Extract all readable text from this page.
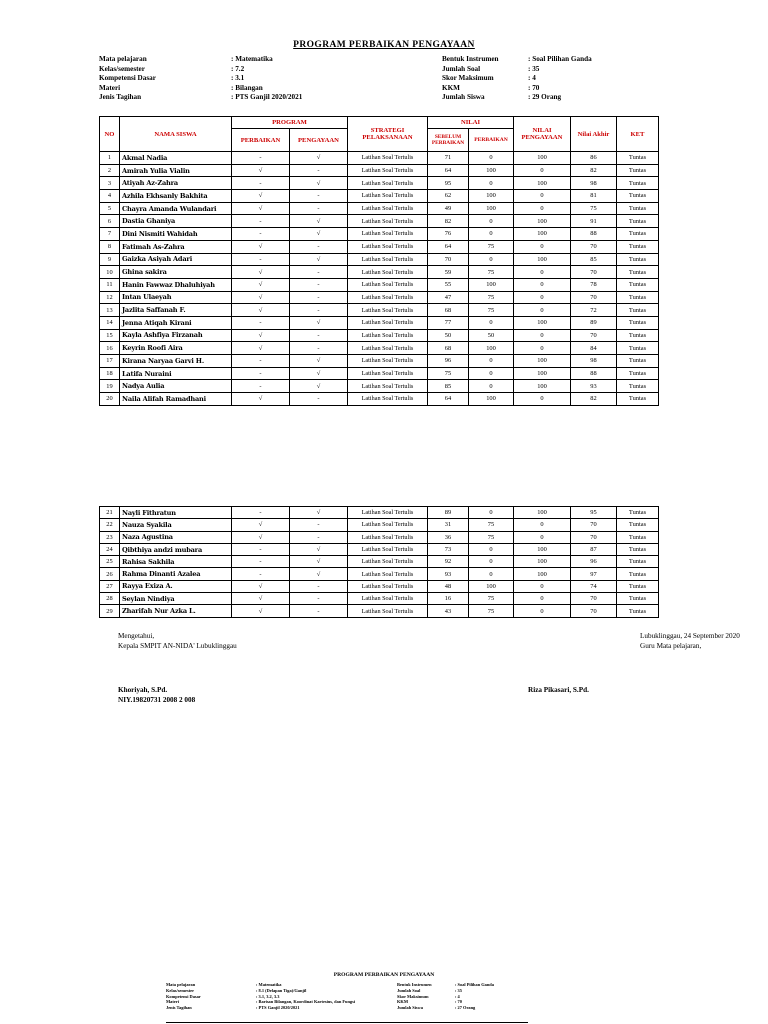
PROGRAM PERBAIKAN PENGAYAAN
Mata pelajaran	: Matematika
Kelas/semester	: 7.2
Kompetensi Dasar	: 3.1
Materi	: Bilangan
Jenis Tagihan	: PTS Ganjil 2020/2021
Bentuk Instrumen	: Soal Pilihan Ganda
Jumlah Soal	: 35
Skor Maksimum	: 4
KKM	: 70
Jumlah Siswa	: 29 Orang
NO	NAMA SISWA	PROGRAM		STRATEGI PELAKSANAAN	NILAI		NILAI PENGAYAAN	Nilai Akhir	KET
		PERBAIKAN	PENGAYAAN		SEBELUM PERBAIKAN	PERBAIKAN			
1	Akmal Nadia	-	√	Latihan Soal Tertulis	71	0	100	86	Tuntas
2	Amirah Yulia Vialin	√	-	Latihan Soal Tertulis	64	100	0	82	Tuntas
3	Atiyah Az-Zahra	-	√	Latihan Soal Tertulis	95	0	100	98	Tuntas
4	Azhila Ekhsanly Bakhita	√	-	Latihan Soal Tertulis	62	100	0	81	Tuntas
5	Chayra Amanda Wulandari	√	-	Latihan Soal Tertulis	49	100	0	75	Tuntas
6	Dastia Ghaniya	-	√	Latihan Soal Tertulis	82	0	100	91	Tuntas
7	Dini Nismiti Wahidah	-	√	Latihan Soal Tertulis	76	0	100	88	Tuntas
8	Fatimah As-Zahra	√	-	Latihan Soal Tertulis	64	75	0	70	Tuntas
9	Gaizka Asiyah Adari	-	√	Latihan Soal Tertulis	70	0	100	85	Tuntas
10	Ghina sakira	√	-	Latihan Soal Tertulis	59	75	0	70	Tuntas
11	Hanin Fawwaz Dhaluhiyah	√	-	Latihan Soal Tertulis	55	100	0	78	Tuntas
12	Intan Ulaeyah	√	-	Latihan Soal Tertulis	47	75	0	70	Tuntas
13	Jazlita Saffanah F.	√	-	Latihan Soal Tertulis	68	75	0	72	Tuntas
14	Jenna Atiqah Kirani	-	√	Latihan Soal Tertulis	77	0	100	89	Tuntas
15	Kayla Ashfiya Firzanah	√	-	Latihan Soal Tertulis	50	50	0	70	Tuntas
16	Keyrin Roofi Aira	√	-	Latihan Soal Tertulis	68	100	0	84	Tuntas
17	Kirana Naryaa Garvi H.	-	√	Latihan Soal Tertulis	96	0	100	98	Tuntas
18	Latifa Nuraini	-	√	Latihan Soal Tertulis	75	0	100	88	Tuntas
19	Nadya Aulia	-	√	Latihan Soal Tertulis	85	0	100	93	Tuntas
20	Naila Alifah Ramadhani	√	-	Latihan Soal Tertulis	64	100	0	82	Tuntas
21	Nayli Fithratun	-	√	Latihan Soal Tertulis	89	0	100	95	Tuntas
22	Nauza Syakila	√	-	Latihan Soal Tertulis	31	75	0	70	Tuntas
23	Naza Agustina	√	-	Latihan Soal Tertulis	36	75	0	70	Tuntas
24	Qibthiya andzi mubara	-	√	Latihan Soal Tertulis	73	0	100	87	Tuntas
25	Rahisa Sakhila	-	√	Latihan Soal Tertulis	92	0	100	96	Tuntas
26	Rahma Dinanti Azalea	-	√	Latihan Soal Tertulis	93	0	100	97	Tuntas
27	Rayya Exiza A.	√	-	Latihan Soal Tertulis	48	100	0	74	Tuntas
28	Seylan Nindiya	√	-	Latihan Soal Tertulis	16	75	0	70	Tuntas
29	Zharifah Nur Azka L.	√	-	Latihan Soal Tertulis	43	75	0	70	Tuntas
Mengetahui,
Kepala SMPIT AN-NIDA' Lubuklinggau
Khoriyah, S.Pd.
NIY.19820731 2008 2 008
Lubuklinggau, 24 September 2020
Guru Mata pelajaran,
Riza Pikasari, S.Pd.
PROGRAM PERBAIKAN PENGAYAAN
Mata pelajaran	: Matematika
Kelas/semester	: 8.1 (Delapan Tiga)/Ganjil
Kompetensi Dasar	: 3.1, 3.2, 3.3
Materi	: Barisan Bilangan, Koordinat Kartesius, dan Fungsi
Jenis Tagihan	: PTS Ganjil 2020/2021
Bentuk Instrumen	: Soal Pilihan Ganda
Jumlah Soal	: 35
Skor Maksimum	: 4
KKM	: 70
Jumlah Siswa	: 27 Orang
